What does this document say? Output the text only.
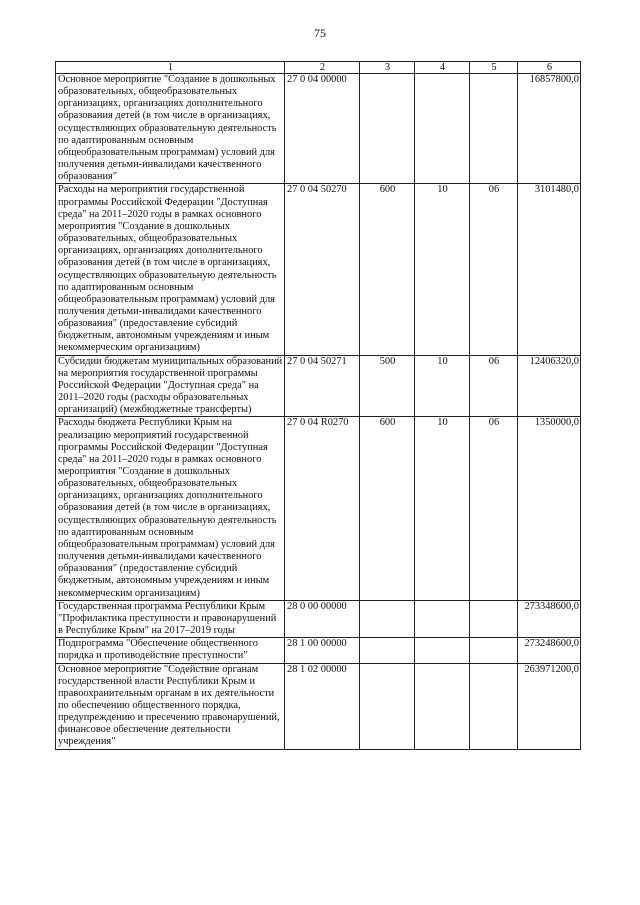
75
1	2	3	4	5	6
Основное мероприятие "Создание в дошкольных образовательных, общеобразовательных организациях, организациях дополнительного образования детей (в том числе в организациях, осуществляющих образовательную деятельность по адаптированным основным общеобразовательным программам) условий для получения детьми-инвалидами качественного образования"	27 0 04 00000				16857800,0
Расходы на мероприятия государственной программы Российской Федерации "Доступная среда" на 2011–2020 годы в рамках основного мероприятия "Создание в дошкольных образовательных, общеобразовательных организациях, организациях дополнительного образования детей (в том числе в организациях, осуществляющих образовательную деятельность по адаптированным основным общеобразовательным программам) условий для получения детьми-инвалидами качественного образования" (предоставление субсидий бюджетным, автономным учреждениям и иным некоммерческим организациям)	27 0 04 50270	600	10	06	3101480,0
Субсидии бюджетам муниципальных образований на мероприятия государственной программы Российской Федерации "Доступная среда" на 2011–2020 годы (расходы образовательных организаций) (межбюджетные трансферты)	27 0 04 50271	500	10	06	12406320,0
Расходы бюджета Республики Крым на реализацию мероприятий государственной программы Российской Федерации "Доступная среда" на 2011–2020 годы в рамках основного мероприятия "Создание в дошкольных образовательных, общеобразовательных организациях, организациях дополнительного образования детей (в том числе в организациях, осуществляющих образовательную деятельность по адаптированным основным общеобразовательным программам) условий для получения детьми-инвалидами качественного образования" (предоставление субсидий бюджетным, автономным учреждениям и иным некоммерческим организациям)	27 0 04 R0270	600	10	06	1350000,0
Государственная программа Республики Крым "Профилактика преступности и правонарушений в Республике Крым" на 2017–2019 годы	28 0 00 00000				273348600,0
Подпрограмма "Обеспечение общественного порядка и противодействие преступности"	28 1 00 00000				273248600,0
Основное мероприятие "Содействие органам государственной власти Республики Крым и правоохранительным органам в их деятельности по обеспечению общественного порядка, предупреждению и пресечению правонарушений, финансовое обеспечение деятельности учреждения"	28 1 02 00000				263971200,0
